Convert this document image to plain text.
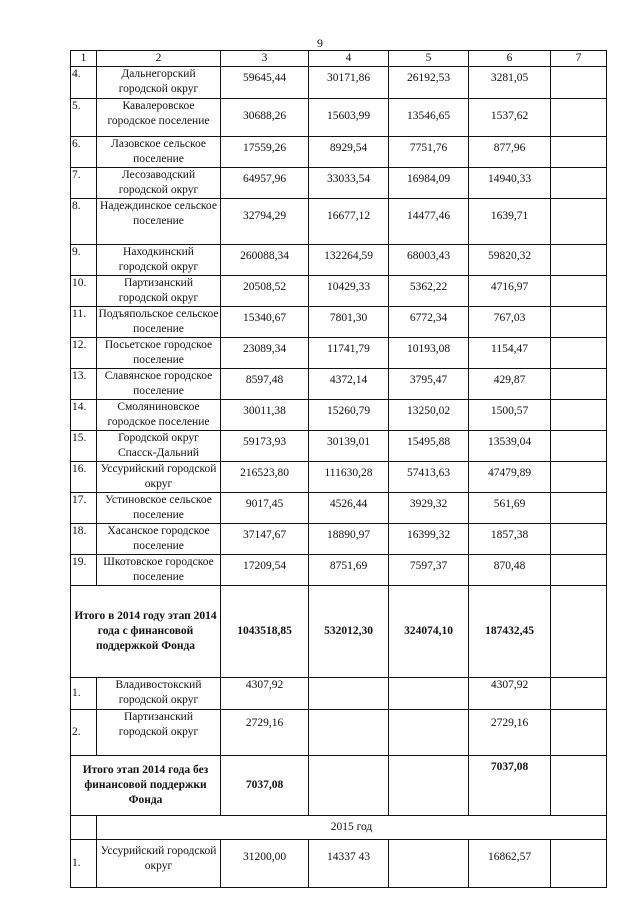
9
1	2	3	4	5	6	7
4.	Дальнегорский городской округ	59645,44	30171,86	26192,53	3281,05	
5.	Кавалеровское городское поселение	30688,26	15603,99	13546,65	1537,62	
6.	Лазовское сельское поселение	17559,26	8929,54	7751,76	877,96	
7.	Лесозаводский городской округ	64957,96	33033,54	16984,09	14940,33	
8.	Надеждинское сельское поселение	32794,29	16677,12	14477,46	1639,71	
9.	Находкинский городской округ	260088,34	132264,59	68003,43	59820,32	
10.	Партизанский городской округ	20508,52	10429,33	5362,22	4716,97	
11.	Подъяпольское сельское поселение	15340,67	7801,30	6772,34	767,03	
12.	Посьетское городское поселение	23089,34	11741,79	10193,08	1154,47	
13.	Славянское городское поселение	8597,48	4372,14	3795,47	429,87	
14.	Смоляниновское городское поселение	30011,38	15260,79	13250,02	1500,57	
15.	Городской округ Спасск-Дальний	59173,93	30139,01	15495,88	13539,04	
16.	Уссурийский городской округ	216523,80	111630,28	57413,63	47479,89	
17.	Устиновское сельское поселение	9017,45	4526,44	3929,32	561,69	
18.	Хасанское городское поселение	37147,67	18890,97	16399,32	1857,38	
19.	Шкотовское городское поселение	17209,54	8751,69	7597,37	870,48	
Итого в 2014 году этап 2014 года с финансовой поддержкой Фонда		1043518,85	532012,30	324074,10	187432,45	
1.	Владивостокский городской округ	4307,92			4307,92	
2.	Партизанский городской округ	2729,16			2729,16	
Итого этап 2014 года без финансовой поддержки Фонда		7037,08			7037,08	
	2015 год					
1.	Уссурийский городской округ	31200,00	14337 43		16862,57	
